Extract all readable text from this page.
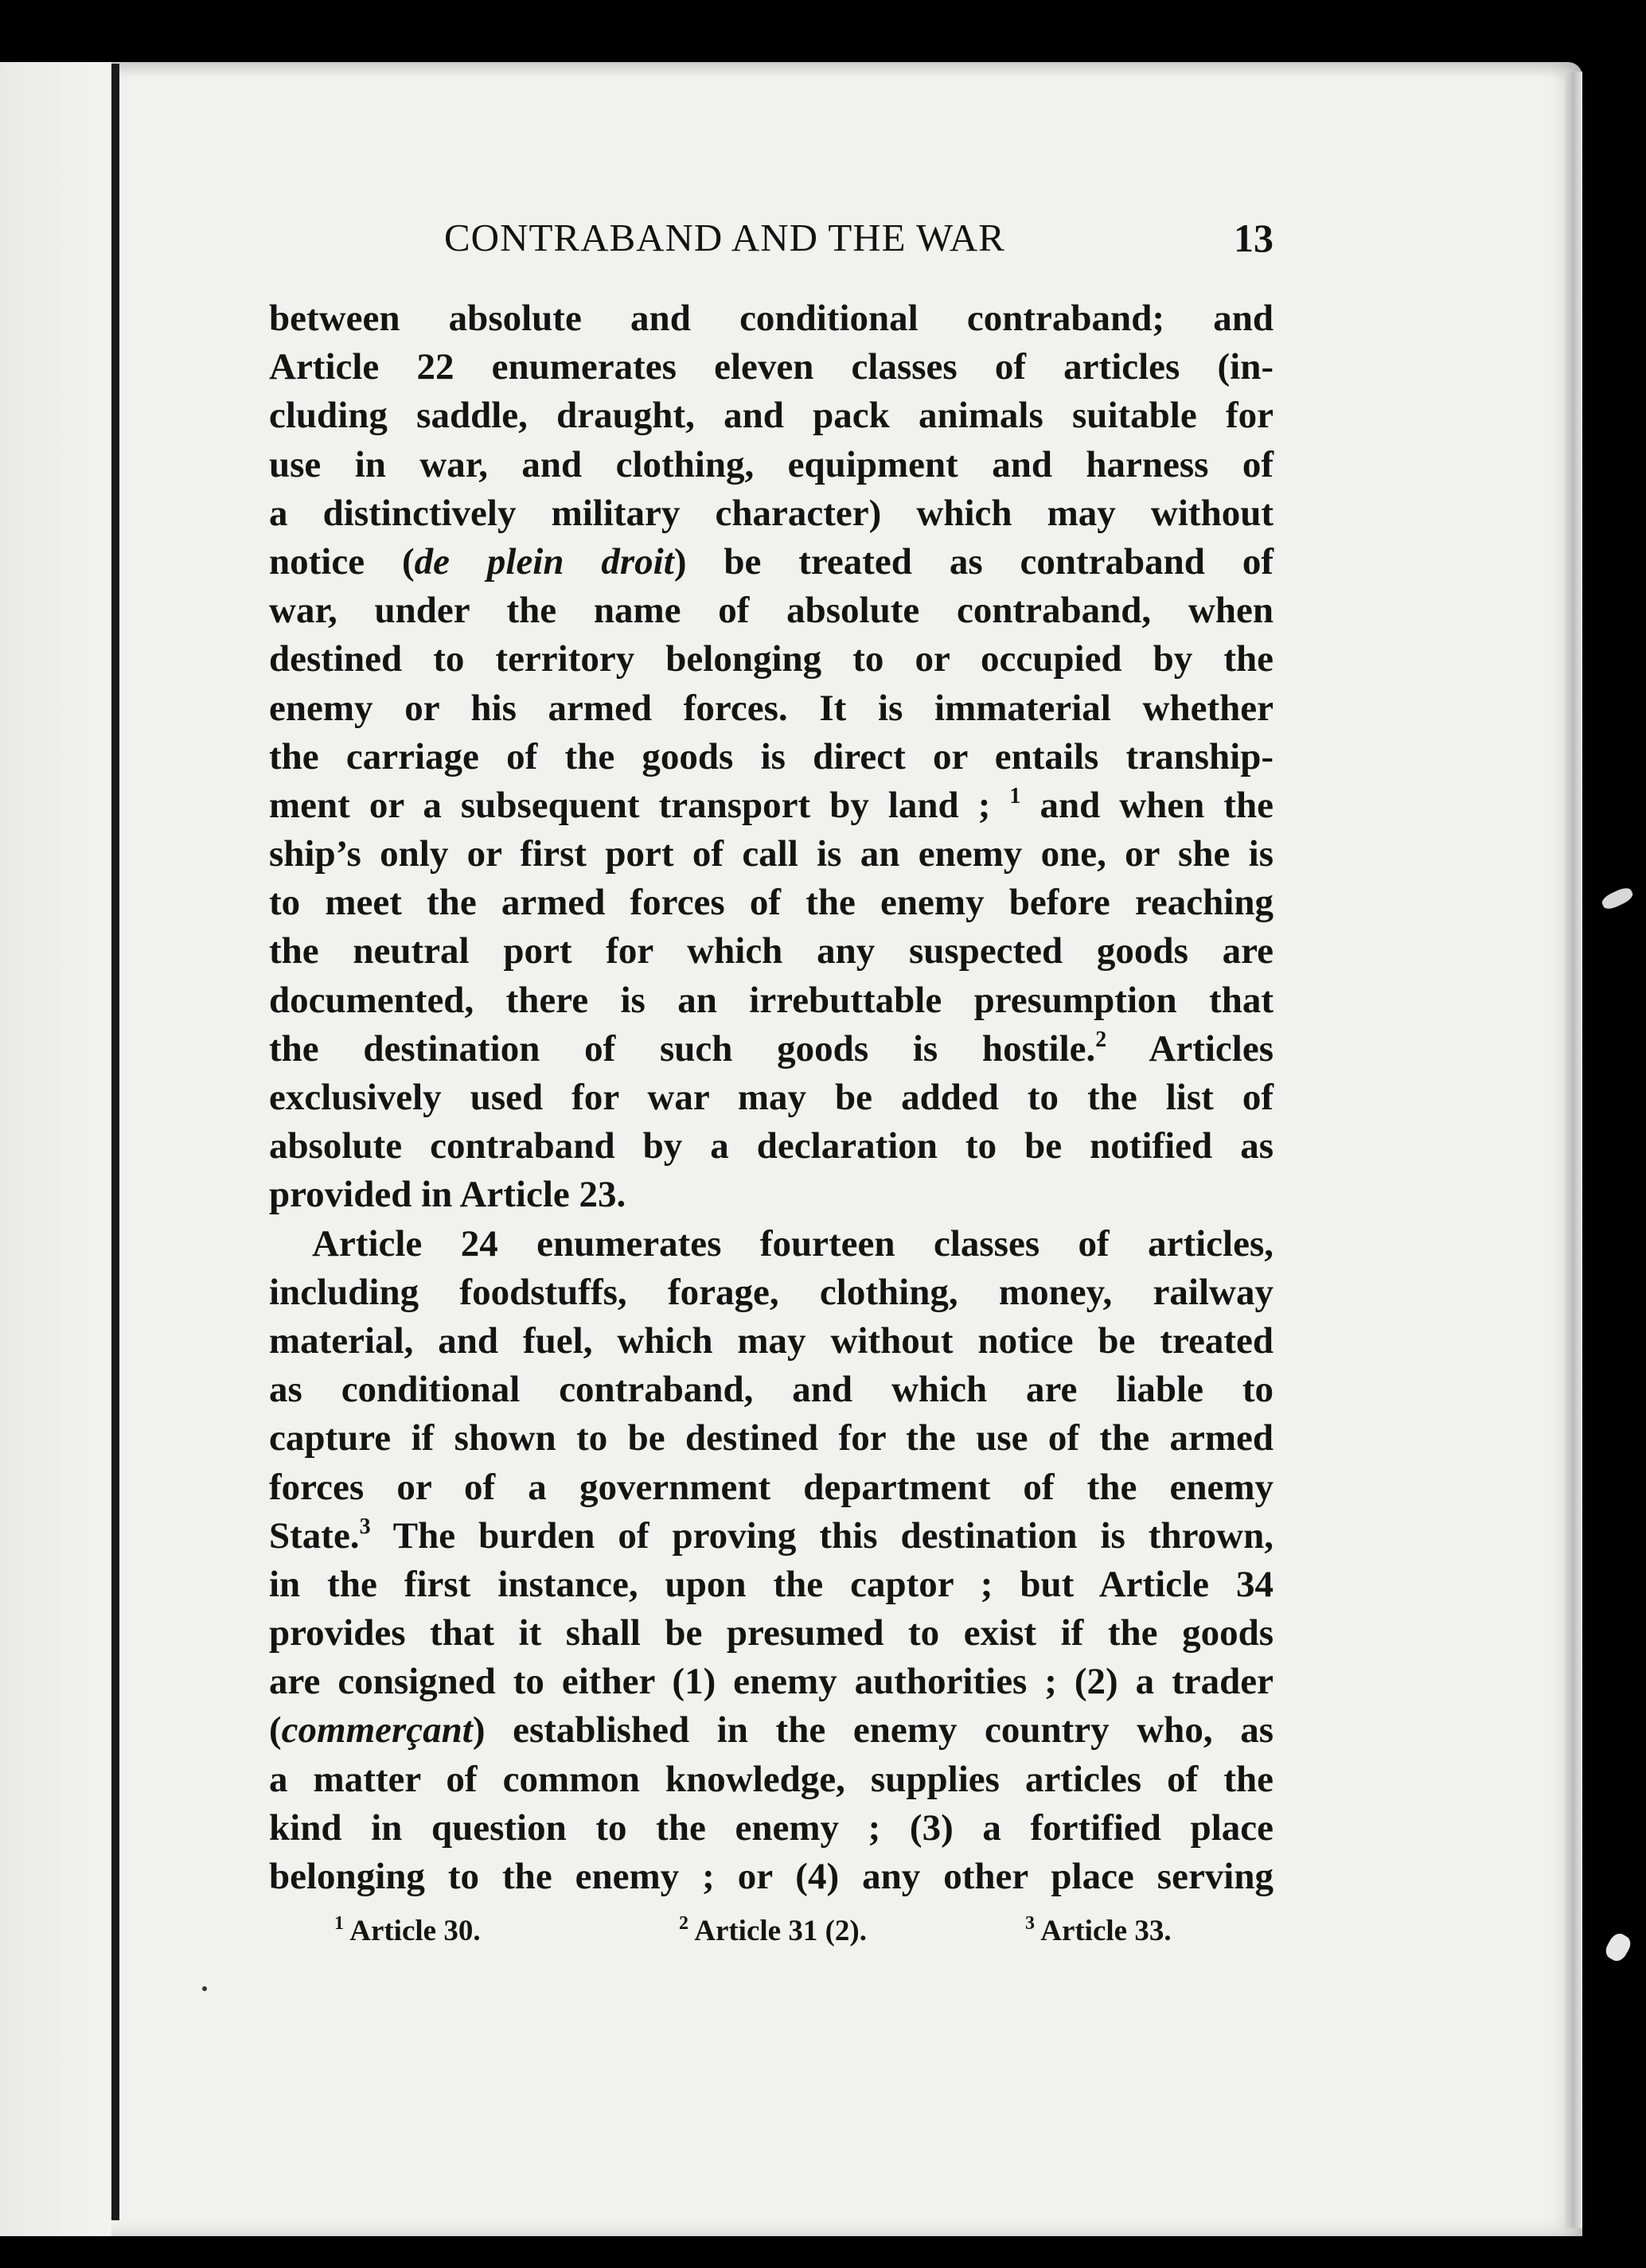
CONTRABAND AND THE WAR	13
between absolute and conditional contraband; and
Article 22 enumerates eleven classes of articles (in-
cluding saddle, draught, and pack animals suitable for
use in war, and clothing, equipment and harness of
a distinctively military character) which may without
notice (de plein droit) be treated as contraband of
war, under the name of absolute contraband, when
destined to territory belonging to or occupied by the
enemy or his armed forces. It is immaterial whether
the carriage of the goods is direct or entails tranship-
ment or a subsequent transport by land ; $^1$ and when the
ship’s only or first port of call is an enemy one, or she is
to meet the armed forces of the enemy before reaching
the neutral port for which any suspected goods are
documented, there is an irrebuttable presumption that
the destination of such goods is hostile.$^2$ Articles
exclusively used for war may be added to the list of
absolute contraband by a declaration to be notified as
provided in Article 23.
Article 24 enumerates fourteen classes of articles,
including foodstuffs, forage, clothing, money, railway
material, and fuel, which may without notice be treated
as conditional contraband, and which are liable to
capture if shown to be destined for the use of the armed
forces or of a government department of the enemy
State.$^3$ The burden of proving this destination is thrown,
in the first instance, upon the captor ; but Article 34
provides that it shall be presumed to exist if the goods
are consigned to either (1) enemy authorities ; (2) a trader
(commerçant) established in the enemy country who, as
a matter of common knowledge, supplies articles of the
kind in question to the enemy ; (3) a fortified place
belonging to the enemy ; or (4) any other place serving
$^1$ Article 30.	$^2$ Article 31 (2).	$^3$ Article 33.
